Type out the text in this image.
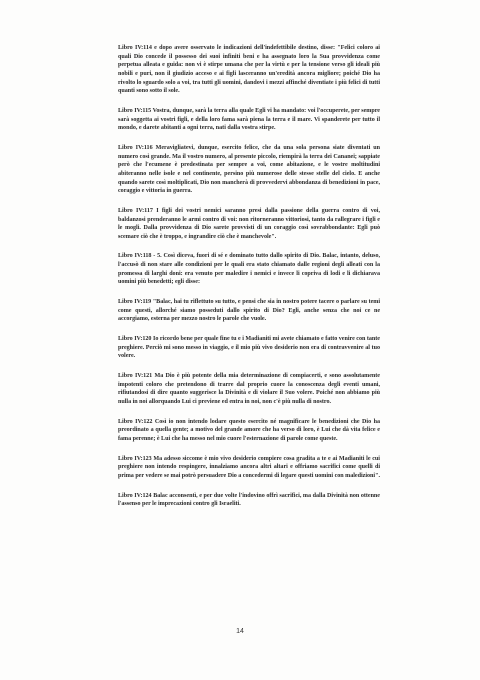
Libro IV:114 e dopo avere osservato le indicazioni dell'indefettibile destino, disse: "Felici coloro ai quali Dio concede il possesso dei suoi infiniti beni e ha assegnato loro la Sua provvidenza come perpetua alleata e guida: non vi è stirpe umana che per la virtù e per la tensione verso gli ideali più nobili e puri, non il giudizio acceso e ai figli lasceranno un'eredità ancora migliore; poiché Dio ha rivolto lo sguardo solo a voi, tra tutti gli uomini, dandovi i mezzi affinché diventiate i più felici di tutti quanti sono sotto il sole.

Libro IV:115 Vostra, dunque, sarà la terra alla quale Egli vi ha mandato: voi l'occuperete, per sempre sarà soggetta ai vostri figli, e della loro fama sarà piena la terra e il mare. Vi spanderete per tutto il mondo, e darete abitanti a ogni terra, nati dalla vostra stirpe.

Libro IV:116 Meravigliatevi, dunque, esercito felice, che da una sola persona siate diventati un numero così grande. Ma il vostro numero, al presente piccolo, riempirà la terra dei Cananei; sappiate però che l'ecumene è predestinata per sempre a voi, come abitazione, e le vostre moltitudini abiteranno nelle isole e nel continente, persino più numerose delle stesse stelle del cielo. E anche quando sarete così moltiplicati, Dio non mancherà di provvedervi abbondanza di benedizioni in pace, coraggio e vittoria in guerra.

Libro IV:117 I figli dei vostri nemici saranno presi dalla passione della guerra contro di voi, baldanzosi prenderanno le armi contro di voi: non ritorneranno vittoriosi, tanto da rallegrare i figli e le mogli. Dalla provvidenza di Dio sarete provvisti di un coraggio così sovrabbondante: Egli può scemare ciò che è troppo, e ingrandire ciò che è manchevole".

Libro IV:118 - 5. Così diceva, fuori di sé e dominato tutto dallo spirito di Dio. Balac, intanto, deluso, l'accusò di non stare alle condizioni per le quali era stato chiamato dalle regioni degli alleati con la promessa di larghi doni: era venuto per maledire i nemici e invece li copriva di lodi e li dichiarava uomini più benedetti; egli disse:

Libro IV:119 "Balac, hai tu riflettuto su tutto, e pensi che sia in nostro potere tacere o parlare su temi come questi, allorché siamo posseduti dallo spirito di Dio? Egli, anche senza che noi ce ne accorgiamo, esterna per mezzo nostro le parole che vuole.

Libro IV:120 Io ricordo bene per quale fine tu e i Madianiti mi avete chiamato e fatto venire con tante preghiere. Perciò mi sono messo in viaggio, e il mio più vivo desiderio non era di contravvenire al tuo volere.

Libro IV:121 Ma Dio è più potente della mia determinazione di compiacerti, e sono assolutamente impotenti coloro che pretendono di trarre dal proprio cuore la conoscenza degli eventi umani, rifiutandosi di dire quanto suggerisce la Divinità e di violare il Suo volere. Poiché non abbiamo più nulla in noi allorquando Lui ci previene ed entra in noi, non c'è più nulla di nostro.

Libro IV:122 Così io non intendo lodare questo esercito né magnificare le benedizioni che Dio ha preordinato a quella gente; a motivo del grande amore che ha verso di loro, è Lui che dà vita felice e fama perenne; è Lui che ha messo nel mio cuore l'esternazione di parole come queste.

Libro IV:123 Ma adesso siccome è mio vivo desiderio compiere cosa gradita a te e ai Madianiti le cui preghiere non intendo respingere, innalziamo ancora altri altari e offriamo sacrifici come quelli di prima per vedere se mai potrò persuadere Dio a concedermi di legare questi uomini con maledizioni".

Libro IV:124 Balac acconsentì, e per due volte l'indovino offrì sacrifici, ma dalla Divinità non ottenne l'assenso per le imprecazioni contro gli Israeliti.

14
